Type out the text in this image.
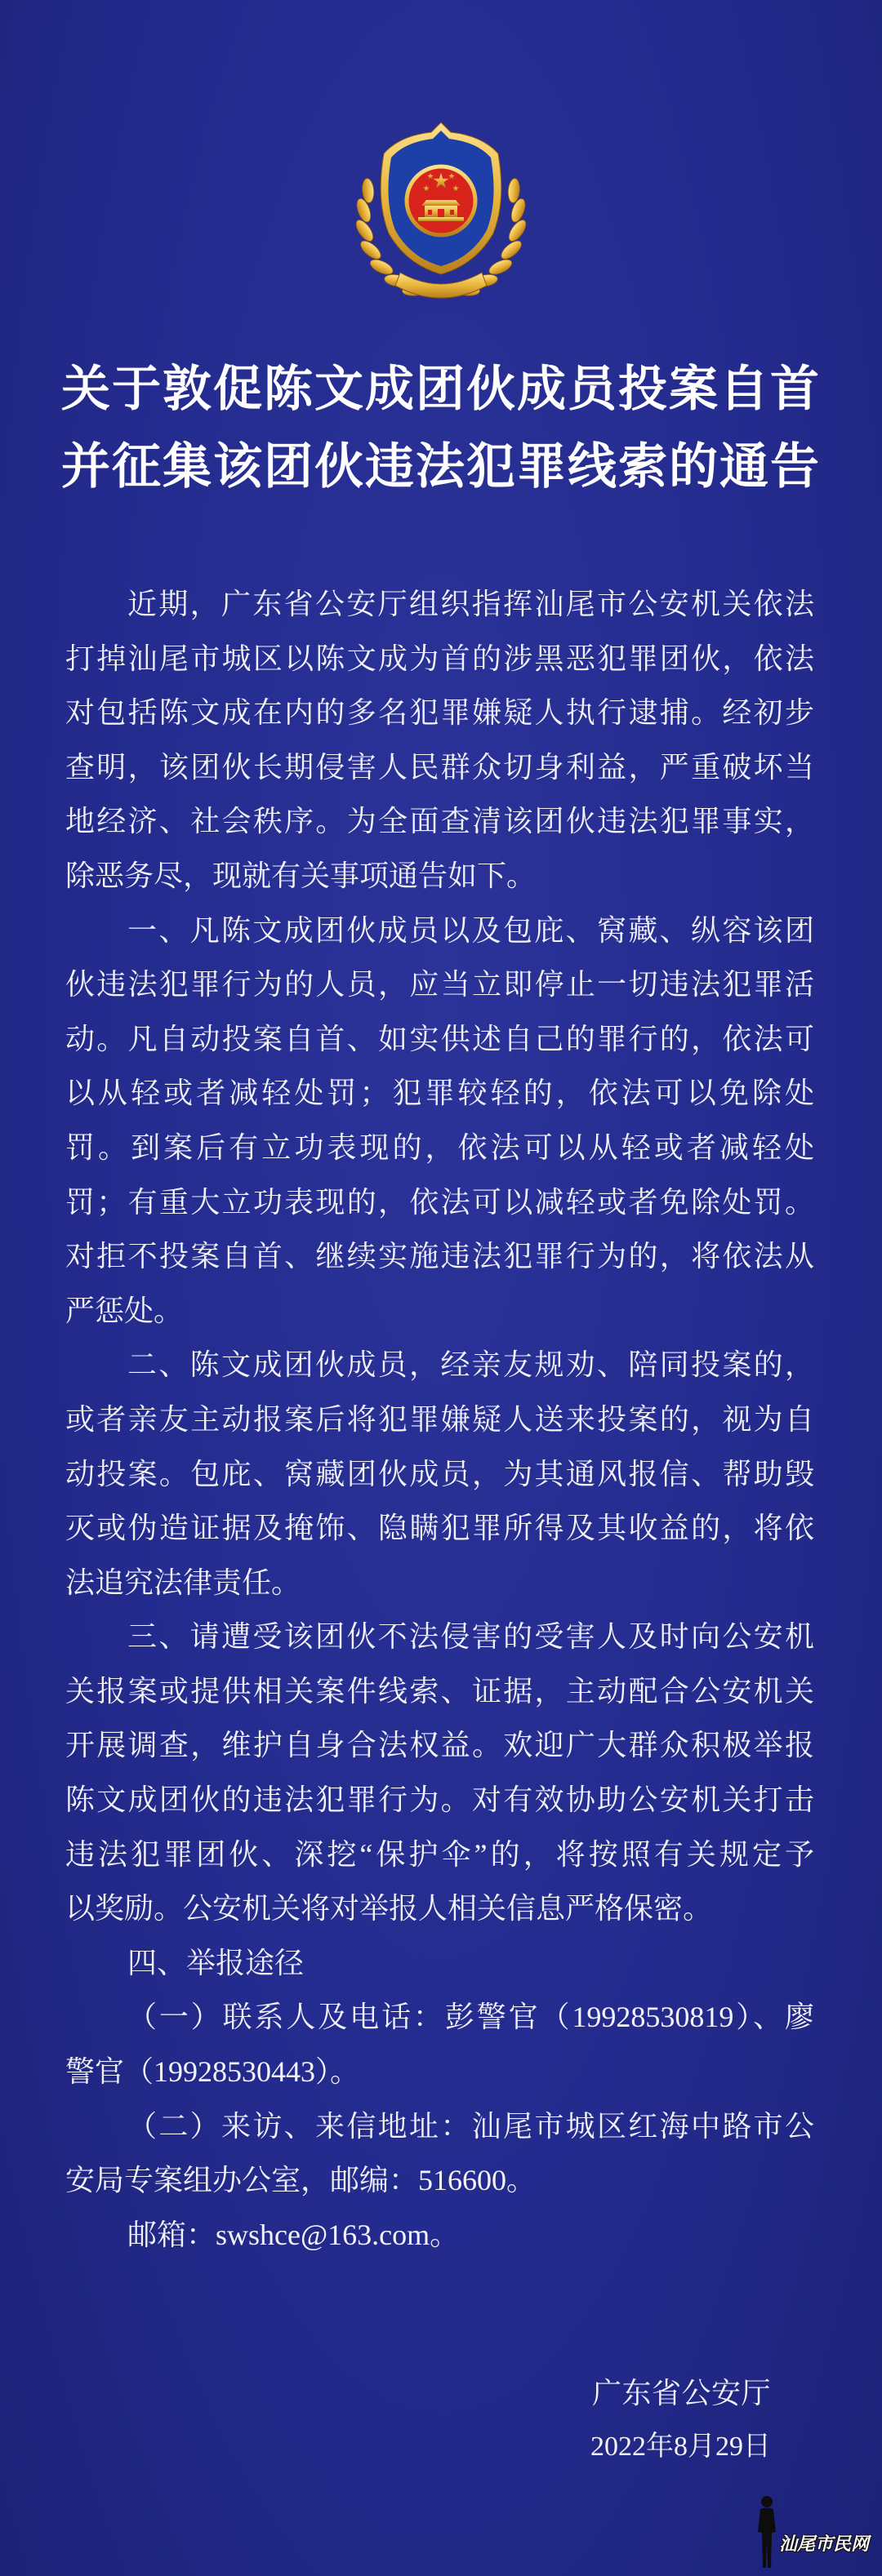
关于敦促陈文成团伙成员投案自首
并征集该团伙违法犯罪线索的通告
近期，广东省公安厅组织指挥汕尾市公安机关依法
打掉汕尾市城区以陈文成为首的涉黑恶犯罪团伙，依法
对包括陈文成在内的多名犯罪嫌疑人执行逮捕。经初步
查明，该团伙长期侵害人民群众切身利益，严重破坏当
地经济、社会秩序。为全面查清该团伙违法犯罪事实，
除恶务尽，现就有关事项通告如下。
一、凡陈文成团伙成员以及包庇、窝藏、纵容该团
伙违法犯罪行为的人员，应当立即停止一切违法犯罪活
动。凡自动投案自首、如实供述自己的罪行的，依法可
以从轻或者减轻处罚；犯罪较轻的，依法可以免除处
罚。到案后有立功表现的，依法可以从轻或者减轻处
罚；有重大立功表现的，依法可以减轻或者免除处罚。
对拒不投案自首、继续实施违法犯罪行为的，将依法从
严惩处。
二、陈文成团伙成员，经亲友规劝、陪同投案的，
或者亲友主动报案后将犯罪嫌疑人送来投案的，视为自
动投案。包庇、窝藏团伙成员，为其通风报信、帮助毁
灭或伪造证据及掩饰、隐瞒犯罪所得及其收益的，将依
法追究法律责任。
三、请遭受该团伙不法侵害的受害人及时向公安机
关报案或提供相关案件线索、证据，主动配合公安机关
开展调查，维护自身合法权益。欢迎广大群众积极举报
陈文成团伙的违法犯罪行为。对有效协助公安机关打击
违法犯罪团伙、深挖“保护伞”的，将按照有关规定予
以奖励。公安机关将对举报人相关信息严格保密。
四、举报途径
（一）联系人及电话：彭警官（19928530819）、廖
警官（19928530443）。
（二）来访、来信地址：汕尾市城区红海中路市公
安局专案组办公室，邮编：516600。
邮箱：swshce@163.com。
广东省公安厅
2022年8月29日
汕尾市民网
